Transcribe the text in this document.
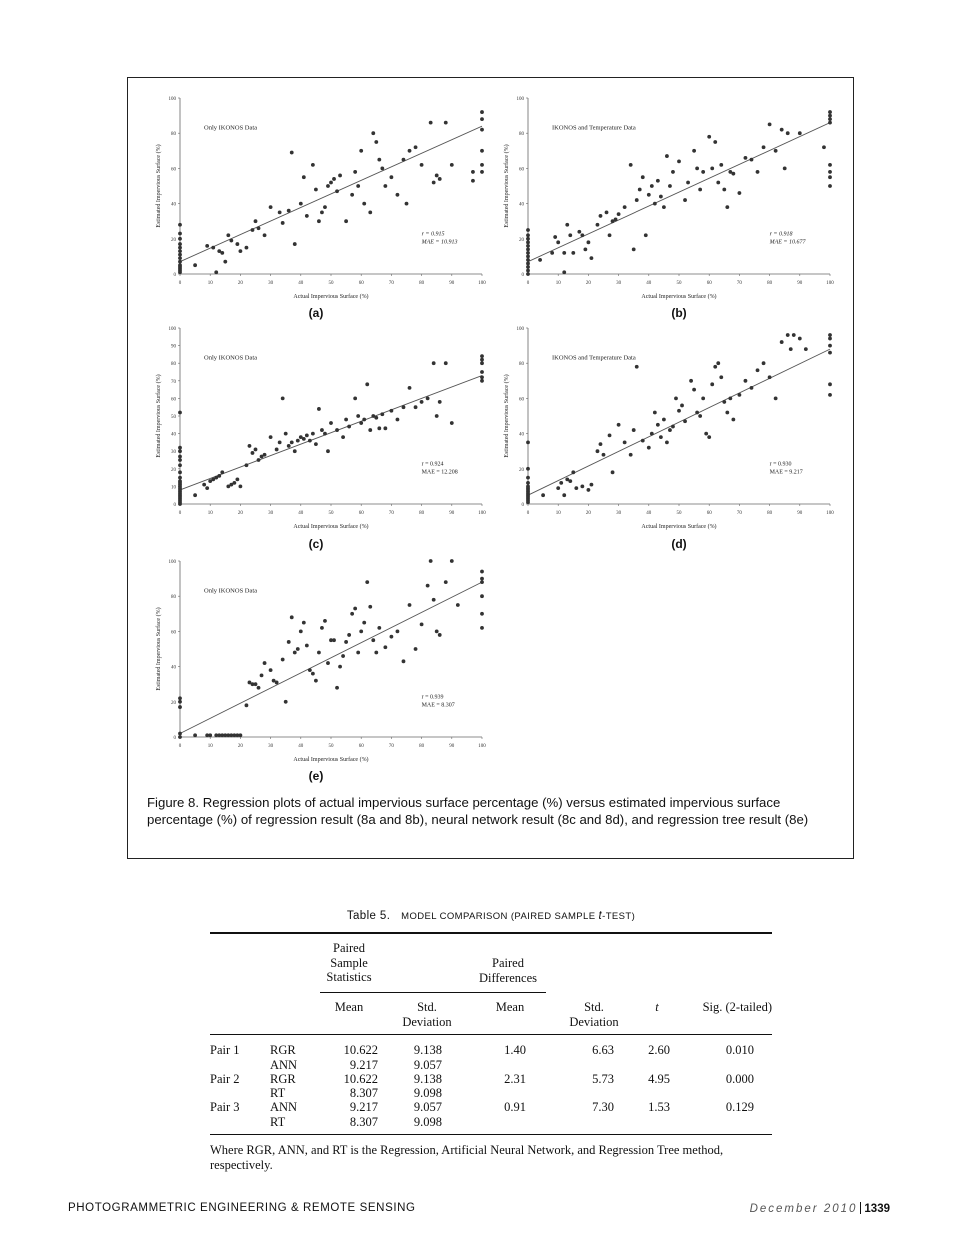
0	10	20	30	40	50	60	70	80	90	100
0
20
40
60
80
100
Actual Impervious Surface (%)
Estimated Impervious Surface (%)
Only IKONOS Data
r = 0.915
MAE = 10.913
(a)
0	10	20	30	40	50	60	70	80	90	100
0
20
40
60
80
100
Actual Impervious Surface (%)
Estimated Impervious Surface (%)
IKONOS and Temperature Data
r = 0.918
MAE = 10.677
(b)
0	10	20	30	40	50	60	70	80	90	100
0
10
20
30
40
50
60
70
80
90
100
Actual Impervious Surface (%)
Estimated Impervious Surface (%)
Only IKONOS Data
r = 0.924
MAE = 12.208
(c)
0	10	20	30	40	50	60	70	80	90	100
0
20
40
60
80
100
Actual Impervious Surface (%)
Estimated Impervious Surface (%)
IKONOS and Temperature Data
r = 0.930
MAE = 9.217
(d)
0	10	20	30	40	50	60	70	80	90	100
0
20
40
60
80
100
Actual Impervious Surface (%)
Estimated Impervious Surface (%)
Only IKONOS Data
r = 0.939
MAE = 8.307
(e)
Figure 8. Regression plots of actual impervious surface percentage (%) versus estimated impervious surface percentage (%) of regression result (8a and 8b), neural network result (8c and 8d), and regression tree result (8e)
Table 5. MODEL COMPARISON (PAIRED SAMPLE t-TEST)
Paired
Sample
Statistics
Paired
Differences
Mean	Std.
Deviation
Mean	Std.
Deviation
t	Sig. (2-tailed)
Pair 1	RGR	10.622	9.138	1.40	6.63	2.60	0.010
ANN	9.217	9.057
Pair 2	RGR	10.622	9.138	2.31	5.73	4.95	0.000
RT	8.307	9.098
Pair 3	ANN	9.217	9.057	0.91	7.30	1.53	0.129
RT	8.307	9.098
Where RGR, ANN, and RT is the Regression, Artificial Neural Network, and Regression Tree method, respectively.
PHOTOGRAMMETRIC ENGINEERING & REMOTE SENSING	December 2010 1339
